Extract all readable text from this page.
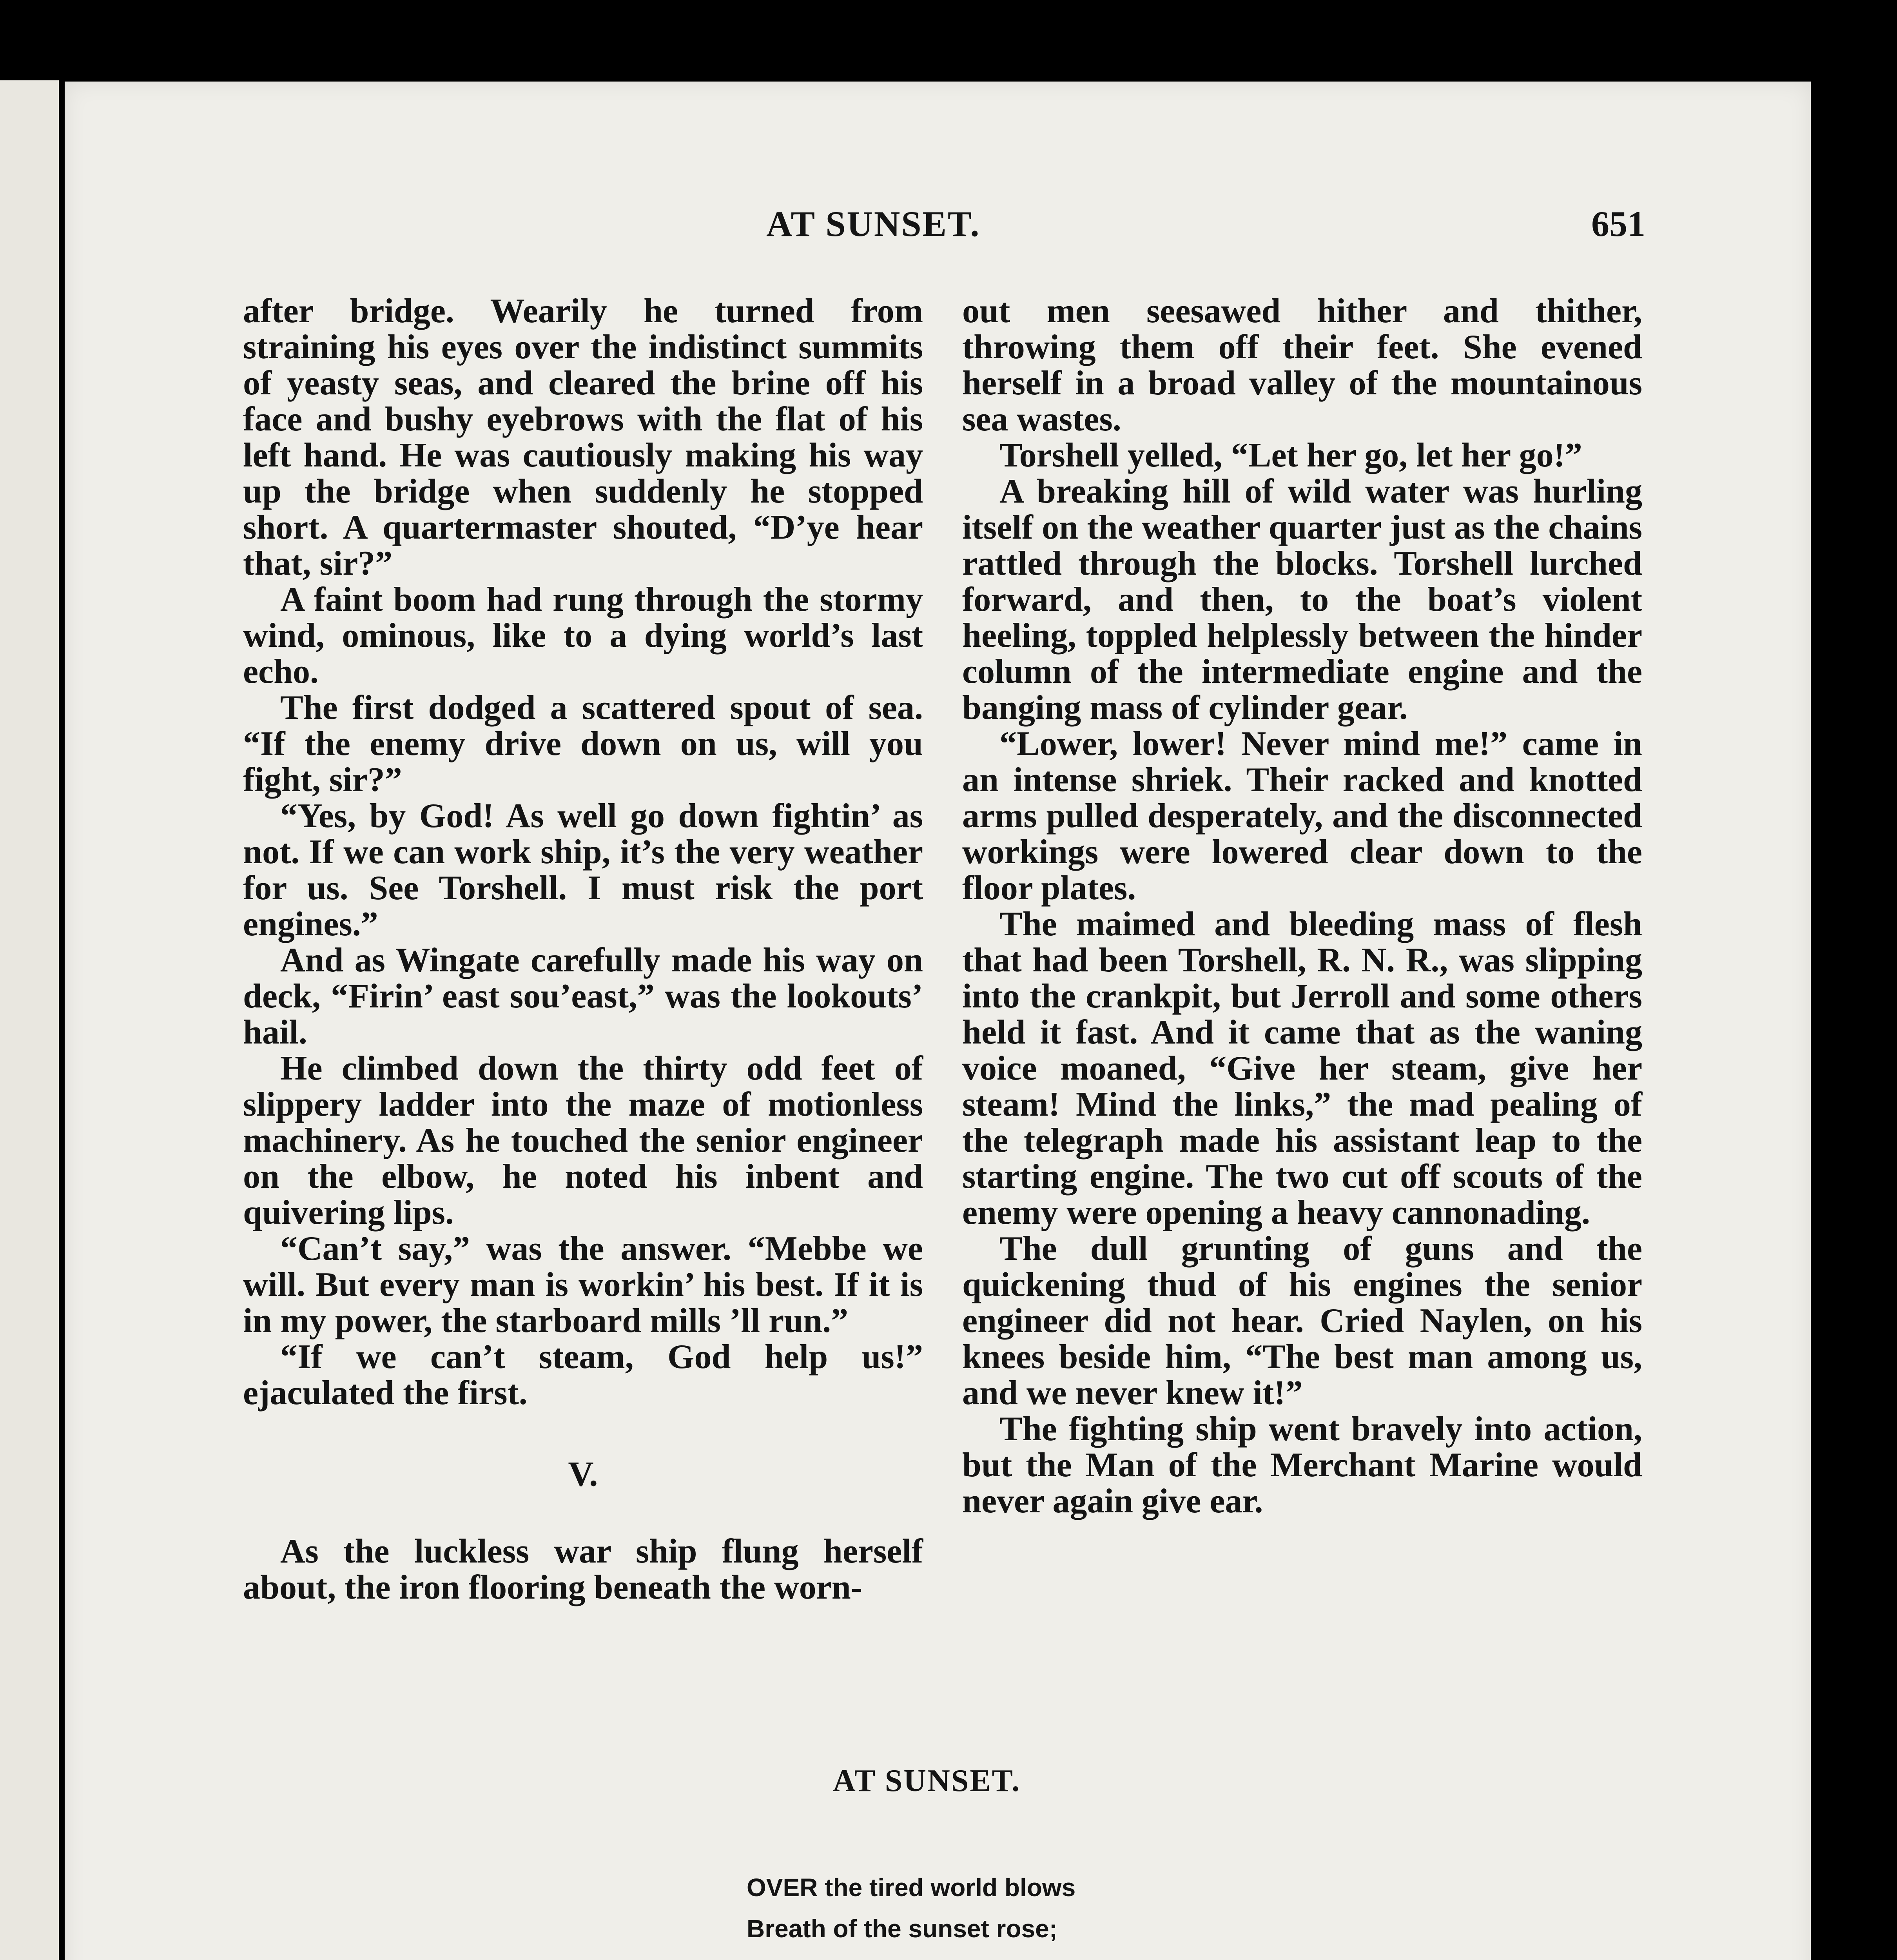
AT SUNSET.	651

after bridge. Wearily he turned from straining his eyes over the indistinct summits of yeasty seas, and cleared the brine off his face and bushy eyebrows with the flat of his left hand. He was cautiously making his way up the bridge when suddenly he stopped short. A quartermaster shouted, “D’ye hear that, sir?”

A faint boom had rung through the stormy wind, ominous, like to a dying world’s last echo.

The first dodged a scattered spout of sea. “If the enemy drive down on us, will you fight, sir?”

“Yes, by God! As well go down fightin’ as not. If we can work ship, it’s the very weather for us. See Torshell. I must risk the port engines.”

And as Wingate carefully made his way on deck, “Firin’ east sou’east,” was the lookouts’ hail.

He climbed down the thirty odd feet of slippery ladder into the maze of motionless machinery. As he touched the senior engineer on the elbow, he noted his inbent and quivering lips.

“Can’t say,” was the answer. “Mebbe we will. But every man is workin’ his best. If it is in my power, the starboard mills ’ll run.”

“If we can’t steam, God help us!” ejaculated the first.

V.

As the luckless war ship flung herself about, the iron flooring beneath the worn-

out men seesawed hither and thither, throwing them off their feet. She evened herself in a broad valley of the mountainous sea wastes.

Torshell yelled, “Let her go, let her go!”

A breaking hill of wild water was hurling itself on the weather quarter just as the chains rattled through the blocks. Torshell lurched forward, and then, to the boat’s violent heeling, toppled helplessly between the hinder column of the intermediate engine and the banging mass of cylinder gear.

“Lower, lower! Never mind me!” came in an intense shriek. Their racked and knotted arms pulled desperately, and the disconnected workings were lowered clear down to the floor plates.

The maimed and bleeding mass of flesh that had been Torshell, R. N. R., was slipping into the crankpit, but Jerroll and some others held it fast. And it came that as the waning voice moaned, “Give her steam, give her steam! Mind the links,” the mad pealing of the telegraph made his assistant leap to the starting engine. The two cut off scouts of the enemy were opening a heavy cannonading.

The dull grunting of guns and the quickening thud of his engines the senior engineer did not hear. Cried Naylen, on his knees beside him, “The best man among us, and we never knew it!”

The fighting ship went bravely into action, but the Man of the Merchant Marine would never again give ear.

AT SUNSET.
OVER the tired world blows
Breath of the sunset rose;
